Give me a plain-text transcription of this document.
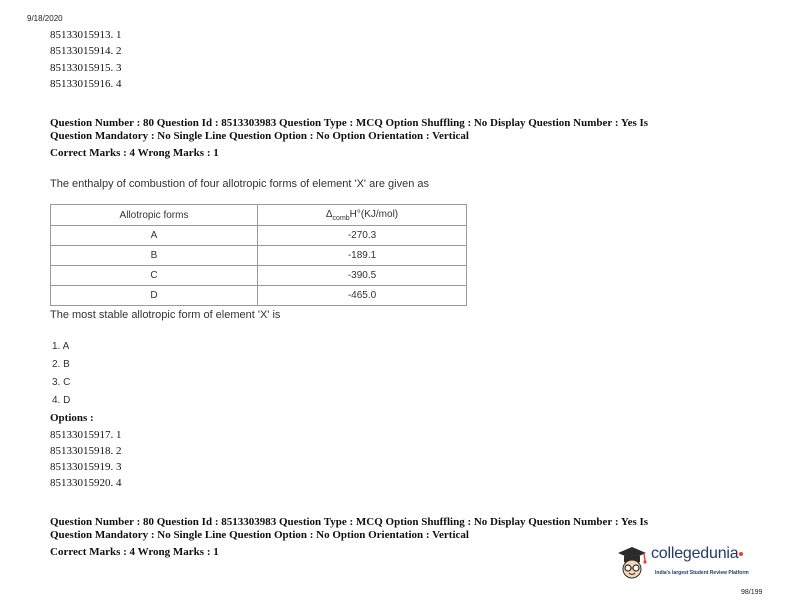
9/18/2020
85133015913. 1
85133015914. 2
85133015915. 3
85133015916. 4
Question Number : 80 Question Id : 8513303983 Question Type : MCQ Option Shuffling : No Display Question Number : Yes Is
Question Mandatory : No Single Line Question Option : No Option Orientation : Vertical
Correct Marks : 4 Wrong Marks : 1
The enthalpy of combustion of four allotropic forms of element 'X' are given as
Allotropic forms	$\Delta_{comb}H^\circ(KJ/mol)$
A	-270.3
B	-189.1
C	-390.5
D	-465.0
The most stable allotropic form of element 'X' is
1. A
2. B
3. C
4. D
Options :
85133015917. 1
85133015918. 2
85133015919. 3
85133015920. 4
Question Number : 80 Question Id : 8513303983 Question Type : MCQ Option Shuffling : No Display Question Number : Yes Is
Question Mandatory : No Single Line Question Option : No Option Orientation : Vertical
Correct Marks : 4 Wrong Marks : 1	collegedunia
India's largest Student Review Platform
98/199
